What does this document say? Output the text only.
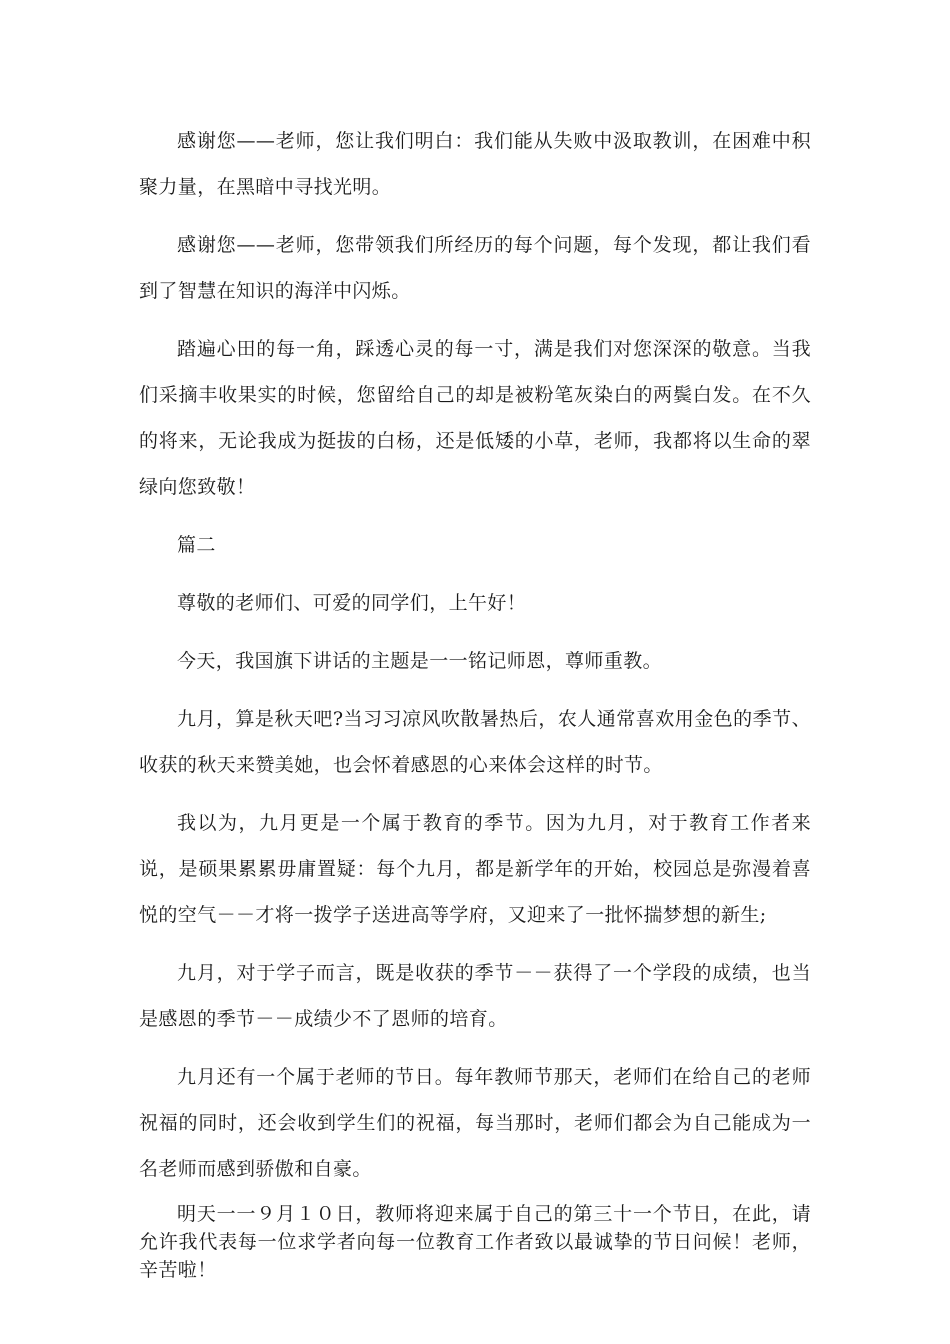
感谢您——老师，您让我们明白：我们能从失败中汲取教训，在困难中积聚力量，在黑暗中寻找光明。

感谢您——老师，您带领我们所经历的每个问题，每个发现，都让我们看到了智慧在知识的海洋中闪烁。

踏遍心田的每一角，踩透心灵的每一寸，满是我们对您深深的敬意。当我们采摘丰收果实的时候，您留给自己的却是被粉笔灰染白的两鬓白发。在不久的将来，无论我成为挺拔的白杨，还是低矮的小草，老师，我都将以生命的翠绿向您致敬！

篇二

尊敬的老师们、可爱的同学们，上午好！

今天，我国旗下讲话的主题是一一铭记师恩，尊师重教。

九月，算是秋天吧?当习习凉风吹散暑热后，农人通常喜欢用金色的季节、收获的秋天来赞美她，也会怀着感恩的心来体会这样的时节。

我以为，九月更是一个属于教育的季节。因为九月，对于教育工作者来说，是硕果累累毋庸置疑：每个九月，都是新学年的开始，校园总是弥漫着喜悦的空气－－才将一拨学子送进高等学府，又迎来了一批怀揣梦想的新生;

九月，对于学子而言，既是收获的季节－－获得了一个学段的成绩，也当是感恩的季节－－成绩少不了恩师的培育。

九月还有一个属于老师的节日。每年教师节那天，老师们在给自己的老师祝福的同时，还会收到学生们的祝福，每当那时，老师们都会为自己能成为一名老师而感到骄傲和自豪。

明天一一９月１０日，教师将迎来属于自己的第三十一个节日，在此，请允许我代表每一位求学者向每一位教育工作者致以最诚挚的节日问候！老师，辛苦啦！
